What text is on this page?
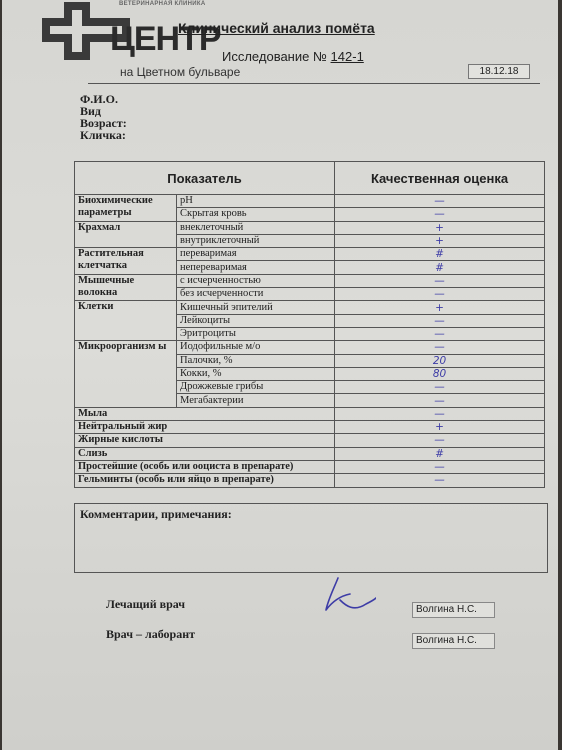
ВЕТЕРИНАРНАЯ КЛИНИКА
ЦЕНТР
на Цветном бульваре
Клинический анализ помёта
Исследование № 142-1
18.12.18
Ф.И.О.
Вид
Возраст:
Кличка:
Показатель		Качественная оценка
Биохимические параметры	pH	—
	Скрытая кровь	—
Крахмал	внеклеточный	+
	внутриклеточный	+
Растительная клетчатка	переваримая	#
	непереваримая	#
Мышечные волокна	с исчерченностью	—
	без исчерченности	—
Клетки	Кишечный эпителий	+
	Лейкоциты	—
	Эритроциты	—
Микроорганизм ы	Иодофильные м/о	—
	Палочки, %	20
	Кокки, %	80
	Дрожжевые грибы	—
	Мегабактерии	—
Мыла		—
Нейтральный жир		+
Жирные кислоты		—
Слизь		#
Простейшие (особь или ооциста в препарате)		—
Гельминты (особь или яйцо в препарате)		—
Комментарии, примечания:
Лечащий врач	Волгина Н.С.
Врач – лаборант	Волгина Н.С.
